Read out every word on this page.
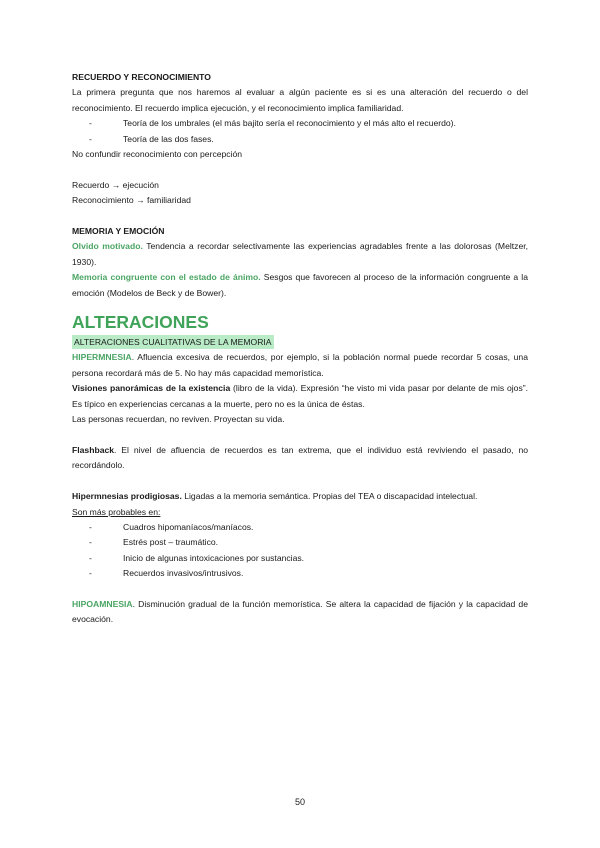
RECUERDO Y RECONOCIMIENTO

La primera pregunta que nos haremos al evaluar a algún paciente es si es una alteración del recuerdo o del reconocimiento. El recuerdo implica ejecución, y el reconocimiento implica familiaridad.

-	Teoría de los umbrales (el más bajito sería el reconocimiento y el más alto el recuerdo).
-	Teoría de las dos fases.

No confundir reconocimiento con percepción

Recuerdo → ejecución

Reconocimiento → familiaridad

MEMORIA Y EMOCIÓN

Olvido motivado. Tendencia a recordar selectivamente las experiencias agradables frente a las dolorosas (Meltzer, 1930).

Memoria congruente con el estado de ánimo. Sesgos que favorecen al proceso de la información congruente a la emoción (Modelos de Beck y de Bower).

ALTERACIONES

ALTERACIONES CUALITATIVAS DE LA MEMORIA

HIPERMNESIA. Afluencia excesiva de recuerdos, por ejemplo, si la población normal puede recordar 5 cosas, una persona recordará más de 5. No hay más capacidad memorística.

Visiones panorámicas de la existencia (libro de la vida). Expresión “he visto mi vida pasar por delante de mis ojos”. Es típico en experiencias cercanas a la muerte, pero no es la única de éstas.

Las personas recuerdan, no reviven. Proyectan su vida.

Flashback. El nivel de afluencia de recuerdos es tan extrema, que el individuo está reviviendo el pasado, no recordándolo.

Hipermnesias prodigiosas. Ligadas a la memoria semántica. Propias del TEA o discapacidad intelectual.

Son más probables en:

-	Cuadros hipomaníacos/maníacos.
-	Estrés post – traumático.
-	Inicio de algunas intoxicaciones por sustancias.
-	Recuerdos invasivos/intrusivos.

HIPOAMNESIA. Disminución gradual de la función memorística. Se altera la capacidad de fijación y la capacidad de evocación.

50
